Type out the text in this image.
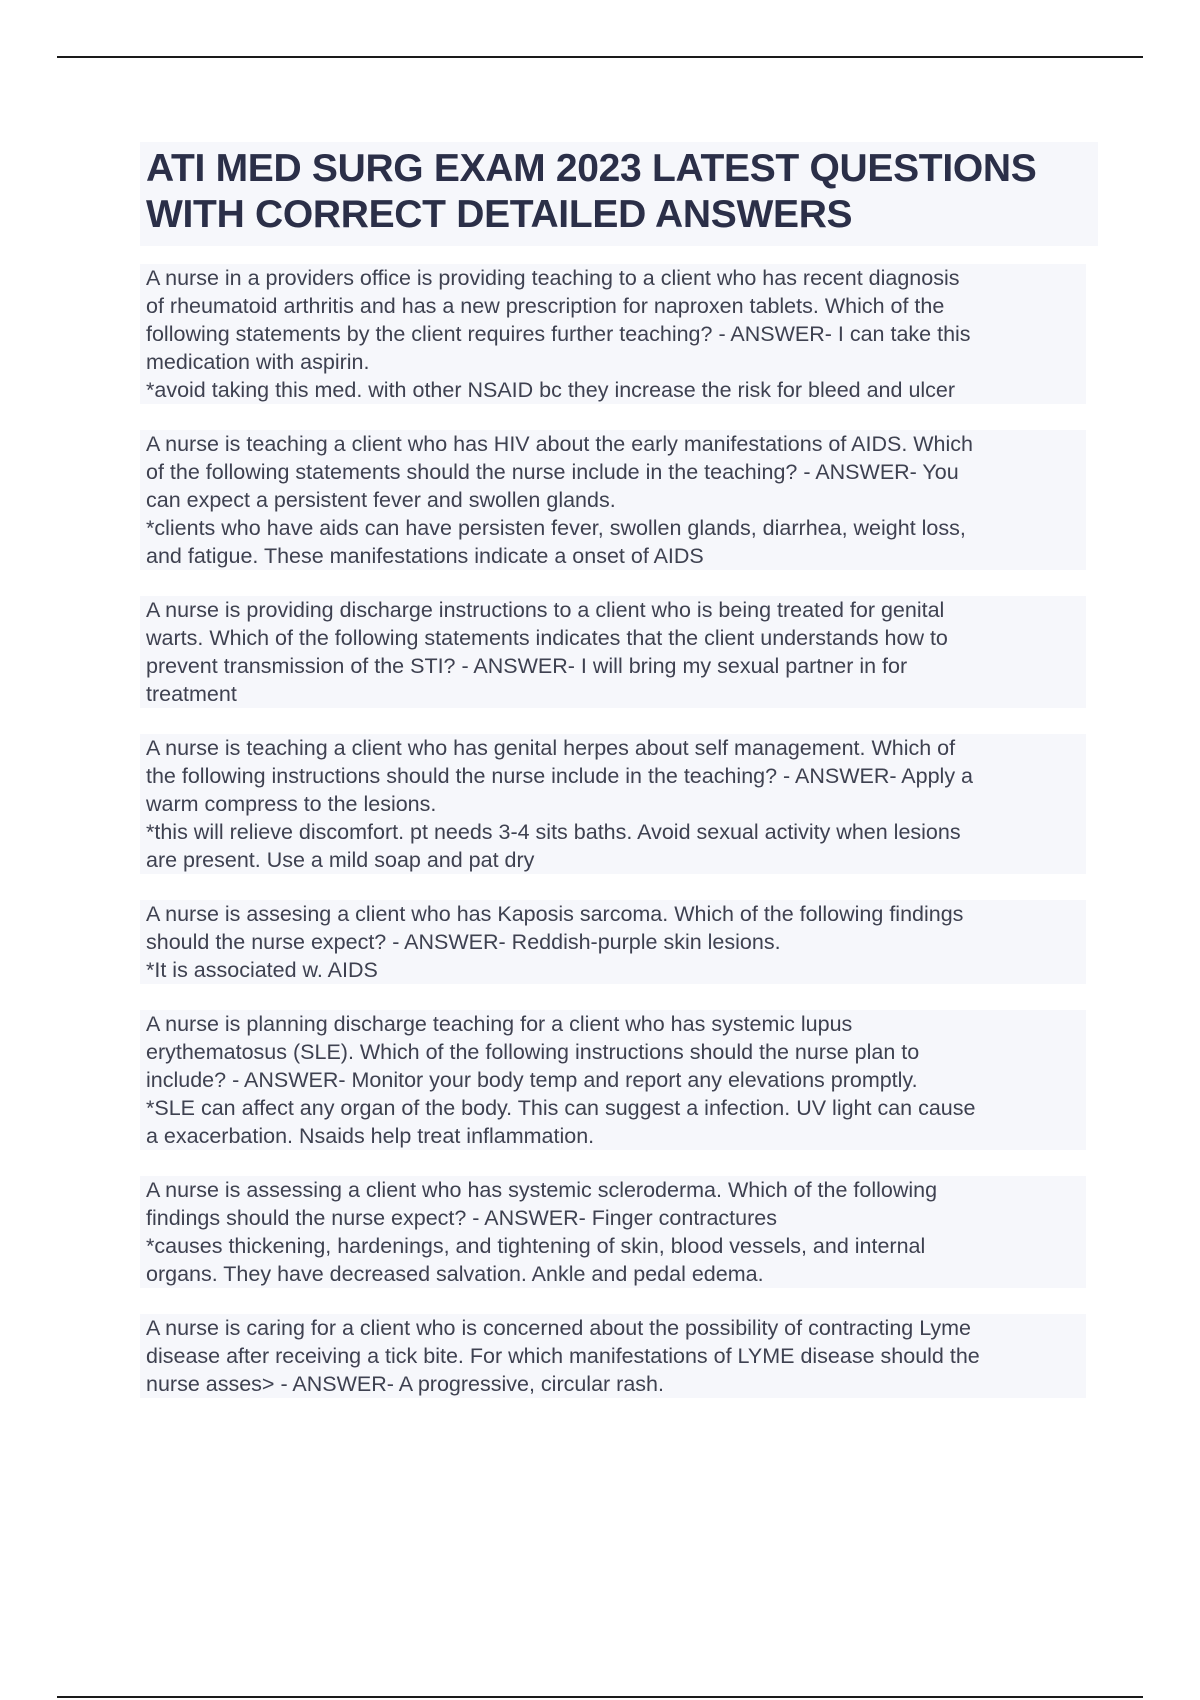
ATI MED SURG EXAM 2023 LATEST QUESTIONS
WITH CORRECT DETAILED ANSWERS
A nurse in a providers office is providing teaching to a client who has recent diagnosis
of rheumatoid arthritis and has a new prescription for naproxen tablets. Which of the
following statements by the client requires further teaching? - ANSWER- I can take this
medication with aspirin.
*avoid taking this med. with other NSAID bc they increase the risk for bleed and ulcer
A nurse is teaching a client who has HIV about the early manifestations of AIDS. Which
of the following statements should the nurse include in the teaching? - ANSWER- You
can expect a persistent fever and swollen glands.
*clients who have aids can have persisten fever, swollen glands, diarrhea, weight loss,
and fatigue. These manifestations indicate a onset of AIDS
A nurse is providing discharge instructions to a client who is being treated for genital
warts. Which of the following statements indicates that the client understands how to
prevent transmission of the STI? - ANSWER- I will bring my sexual partner in for
treatment
A nurse is teaching a client who has genital herpes about self management. Which of
the following instructions should the nurse include in the teaching? - ANSWER- Apply a
warm compress to the lesions.
*this will relieve discomfort. pt needs 3-4 sits baths. Avoid sexual activity when lesions
are present. Use a mild soap and pat dry
A nurse is assesing a client who has Kaposis sarcoma. Which of the following findings
should the nurse expect? - ANSWER- Reddish-purple skin lesions.
*It is associated w. AIDS
A nurse is planning discharge teaching for a client who has systemic lupus
erythematosus (SLE). Which of the following instructions should the nurse plan to
include? - ANSWER- Monitor your body temp and report any elevations promptly.
*SLE can affect any organ of the body. This can suggest a infection. UV light can cause
a exacerbation. Nsaids help treat inflammation.
A nurse is assessing a client who has systemic scleroderma. Which of the following
findings should the nurse expect? - ANSWER- Finger contractures
*causes thickening, hardenings, and tightening of skin, blood vessels, and internal
organs. They have decreased salvation. Ankle and pedal edema.
A nurse is caring for a client who is concerned about the possibility of contracting Lyme
disease after receiving a tick bite. For which manifestations of LYME disease should the
nurse asses> - ANSWER- A progressive, circular rash.
